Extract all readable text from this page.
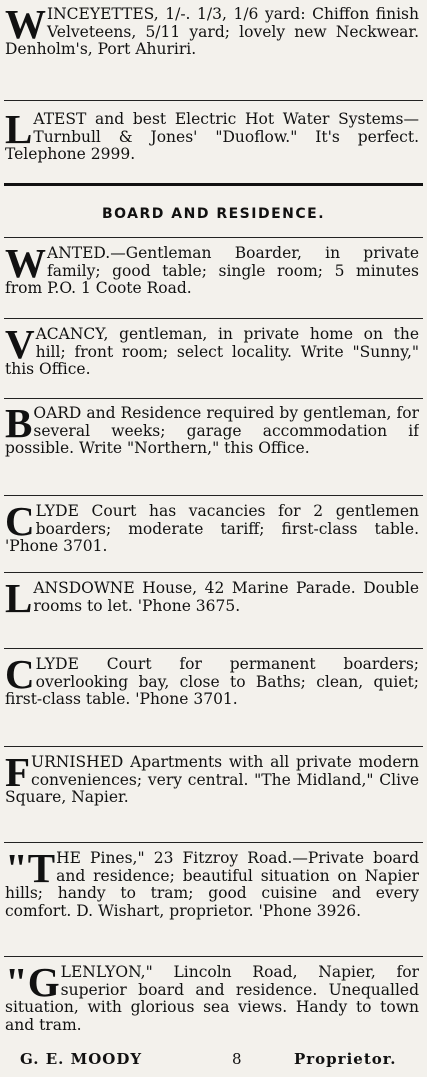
WINCEYETTES, 1/-. 1/3, 1/6 yard: Chiffon finish Velveteens, 5/11 yard; lovely new Neckwear. Denholm's, Port Ahuriri.
LATEST and best Electric Hot Water Systems—Turnbull & Jones' "Duoflow." It's perfect. Telephone 2999.
BOARD AND RESIDENCE.
WANTED.—Gentleman Boarder, in private family; good table; single room; 5 minutes from P.O. 1 Coote Road.
VACANCY, gentleman, in private home on the hill; front room; select locality. Write "Sunny," this Office.
BOARD and Residence required by gentleman, for several weeks; garage accommodation if possible. Write "Northern," this Office.
CLYDE Court has vacancies for 2 gentlemen boarders; moderate tariff; first-class table. 'Phone 3701.
LANSDOWNE House, 42 Marine Parade. Double rooms to let. 'Phone 3675.
CLYDE Court for permanent boarders; overlooking bay, close to Baths; clean, quiet; first-class table. 'Phone 3701.
FURNISHED Apartments with all private modern conveniences; very central. "The Midland," Clive Square, Napier.
"THE Pines," 23 Fitzroy Road.—Private board and residence; beautiful situation on Napier hills; handy to tram; good cuisine and every comfort. D. Wishart, proprietor. 'Phone 3926.
"GLENLYON," Lincoln Road, Napier, for superior board and residence. Unequalled situation, with glorious sea views. Handy to town and tram.
G. E. MOODY	8	Proprietor.
